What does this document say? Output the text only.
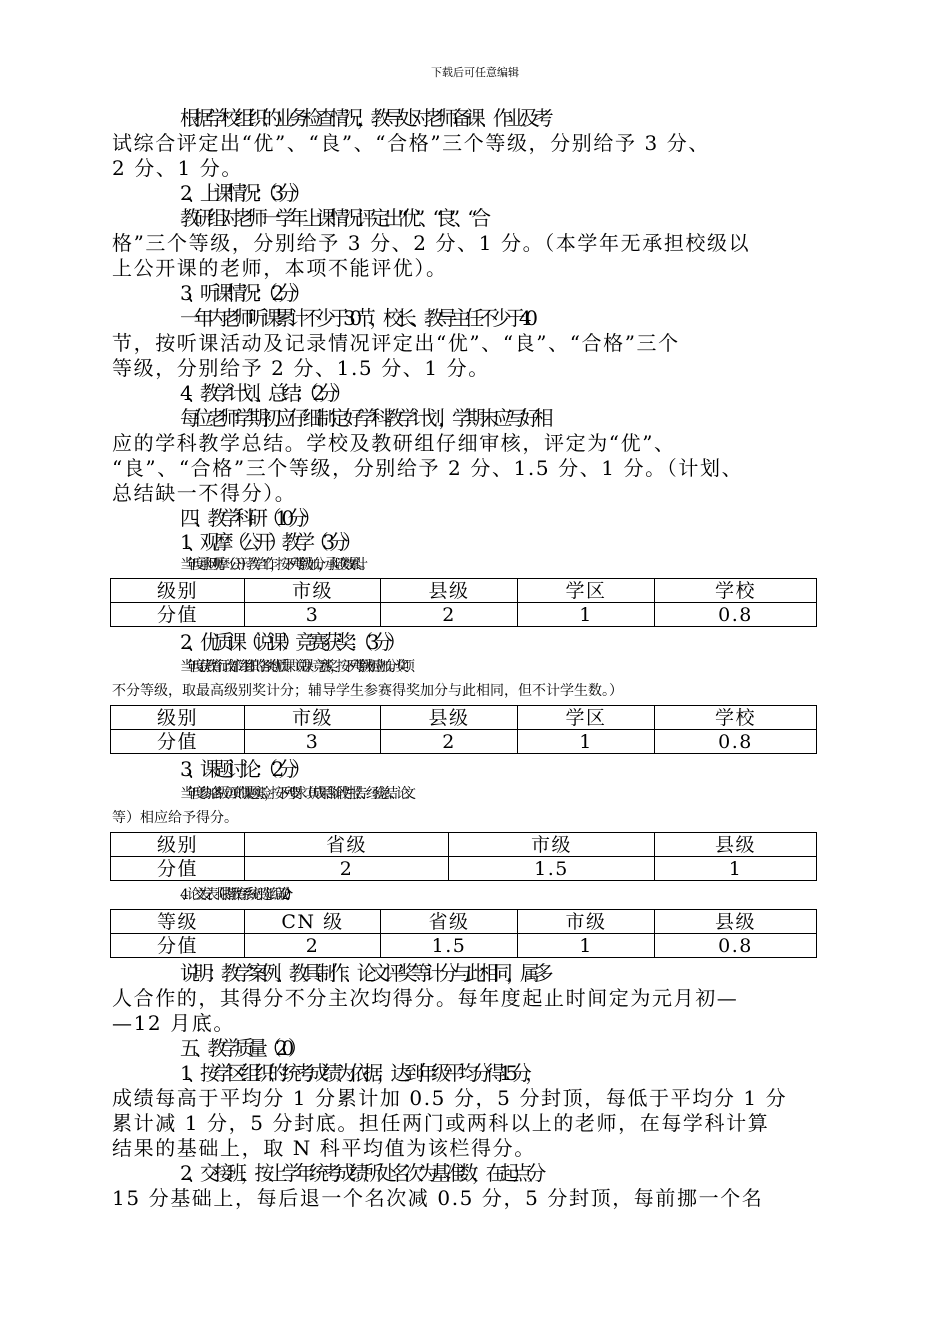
下载后可任意编辑

根据学校组织的业务检查情况，教导处对老师备课、作业及考

试综合评定出“优”、“良”、“合格”三个等级，分别给予 3 分、

2 分、1 分。

2、上课情况：（3 分）

教研组对老师一学年上课情况评定出“优”、“良”、“合

格”三个等级，分别给予 3 分、2 分、1 分。（本学年无承担校级以

上公开课的老师，本项不能评优）。

3、听课情况：（2 分）

一年内老师听课累计不少于 30 节，校长、教导主任不少于 40

节，按听课活动及记录情况评定出“优”、“良”、“合格”三个

等级，分别给予 2 分、1.5 分、1 分。

4、教学计划、总结：（2 分）

每位老师学期初应仔细制定好学科教学计划，学期末应写好相

应的学科教学总结。学校及教研组仔细审核，评定为“优”、

“良”、“合格”三个等级，分别给予 2 分、1.5 分、1 分。（计划、

总结缺一不得分）。

四、教学科研（10 分）

1、观摩（公开）教学（3 分）

当年度承担观摩（公开）教学工作，按下列等级加分，承担次数累计。

级别	市级	县级	学区	学校
分值	3	2	1	0.8

2、优质课（说课）竞赛获奖：（3 分）

当年度获教育行政部门组织的各类优质课（说课）竞赛奖，按下列等级相应加分。（奖项

不分等级，取最高级别奖计分；辅导学生参赛得奖加分与此相同，但不计学生数。）

级别	市级	县级	学区	学校
分值	3	2	1	0.8

3、课题讨论：（2 分）

当年度参加各级立项的课题实验，按下列要求（其成果含阶段性报告、经验总结、论文

等）相应给予得分。

级别	省级	市级	县级
分值	2	1.5	1

4、论文发表（限指教育系统评选汇编）（2 分）

等级	CN 级	省级	市级	县级
分值	2	1.5	1	0.8

说明：教学案例、教具制作、论文评奖等计分与此相同，属多

人合作的，其得分不分主次均得分。每年度起止时间定为元月初—

—12 月底。

五、教学质量（20）

1、按学区组织的统考成绩为依据，达到年级平均分得 15 分，

成绩每高于平均分 1 分累计加 0.5 分，5 分封顶，每低于平均分 1 分

累计减 1 分，5 分封底。担任两门或两科以上的老师，在每学科计算

结果的基础上，取 N 科平均值为该栏得分。

2、交接班，按上学年统考成绩所处名次为基准数，在起点分

15 分基础上，每后退一个名次减 0.5 分，5 分封顶，每前挪一个名
